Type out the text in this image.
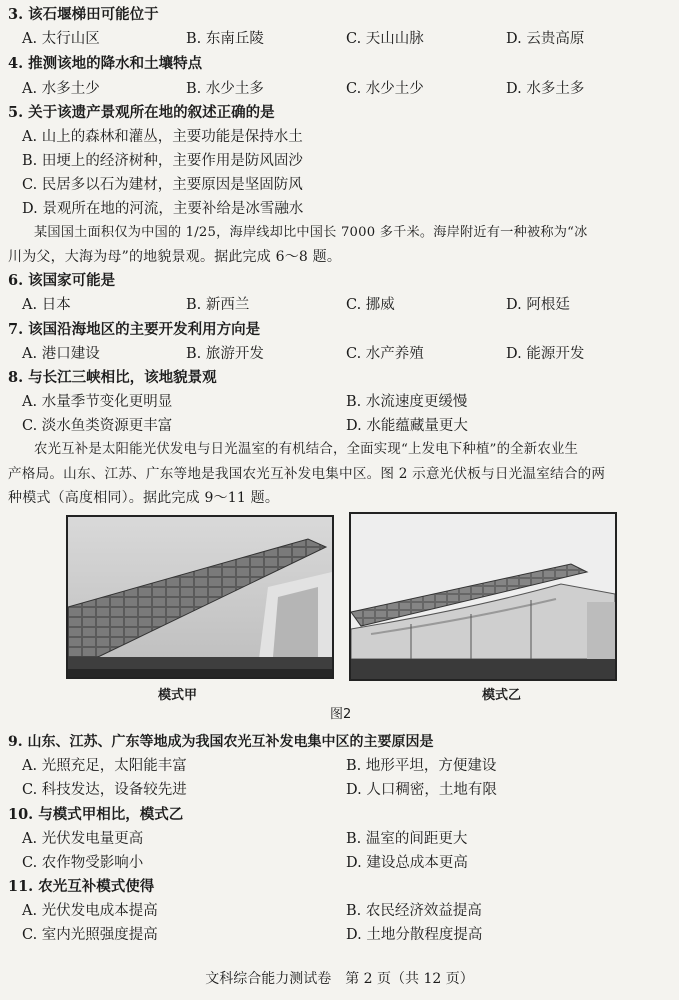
3. 该石堰梯田可能位于
A. 太行山区	B. 东南丘陵	C. 天山山脉	D. 云贵高原
4. 推测该地的降水和土壤特点
A. 水多土少	B. 水少土多	C. 水少土少	D. 水多土多
5. 关于该遗产景观所在地的叙述正确的是
A. 山上的森林和灌丛，主要功能是保持水土
B. 田埂上的经济树种，主要作用是防风固沙
C. 民居多以石为建材，主要原因是坚固防风
D. 景观所在地的河流，主要补给是冰雪融水
某国国土面积仅为中国的 1/25，海岸线却比中国长 7000 多千米。海岸附近有一种被称为“冰
川为父，大海为母”的地貌景观。据此完成 6～8 题。
6. 该国家可能是
A. 日本	B. 新西兰	C. 挪威	D. 阿根廷
7. 该国沿海地区的主要开发利用方向是
A. 港口建设	B. 旅游开发	C. 水产养殖	D. 能源开发
8. 与长江三峡相比，该地貌景观
A. 水量季节变化更明显	B. 水流速度更缓慢
C. 淡水鱼类资源更丰富	D. 水能蕴藏量更大
农光互补是太阳能光伏发电与日光温室的有机结合，全面实现“上发电下种植”的全新农业生
产格局。山东、江苏、广东等地是我国农光互补发电集中区。图 2 示意光伏板与日光温室结合的两
种模式（高度相同）。据此完成 9～11 题。
模式甲	模式乙
图2
9. 山东、江苏、广东等地成为我国农光互补发电集中区的主要原因是
A. 光照充足，太阳能丰富	B. 地形平坦，方便建设
C. 科技发达，设备较先进	D. 人口稠密，土地有限
10. 与模式甲相比，模式乙
A. 光伏发电量更高	B. 温室的间距更大
C. 农作物受影响小	D. 建设总成本更高
11. 农光互补模式使得
A. 光伏发电成本提高	B. 农民经济效益提高
C. 室内光照强度提高	D. 土地分散程度提高
文科综合能力测试卷　第 2 页（共 12 页）
